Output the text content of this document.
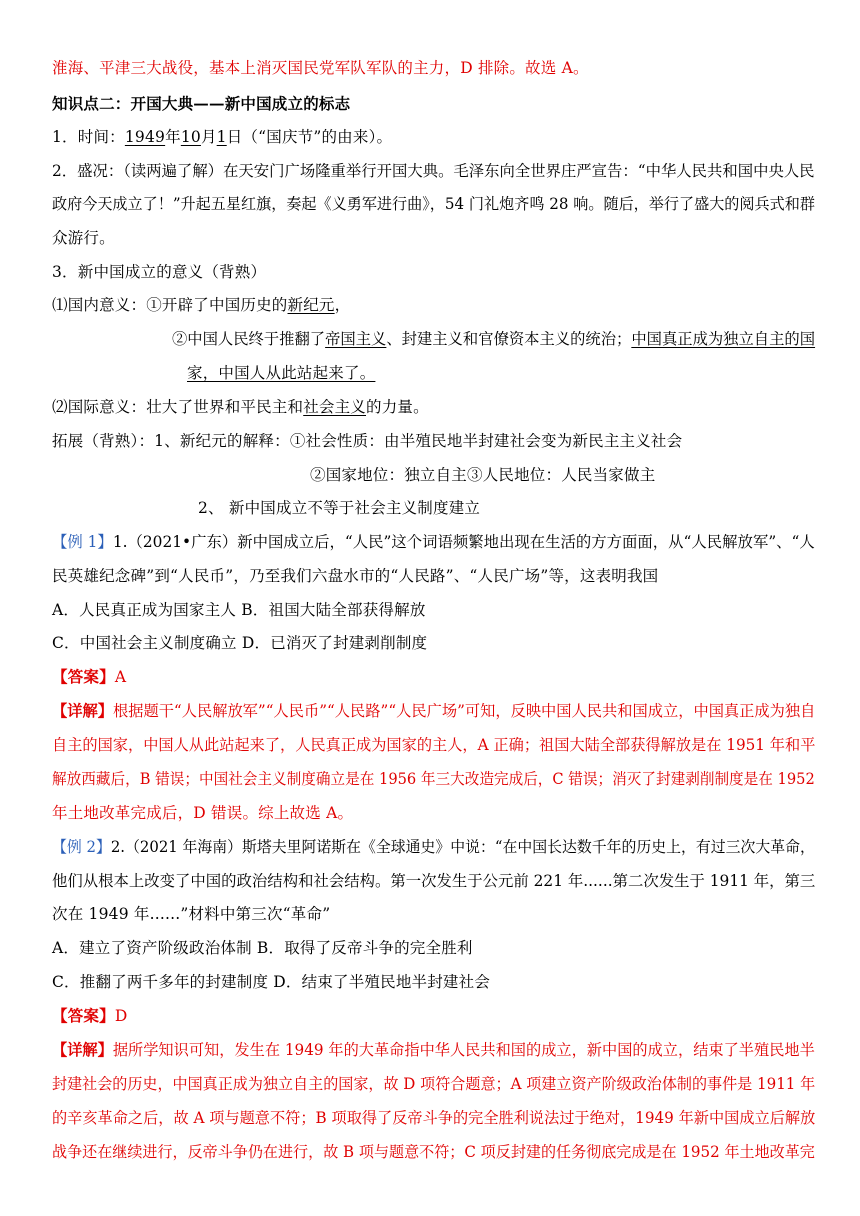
淮海、平津三大战役，基本上消灭国民党军队军队的主力，D 排除。故选 A。
知识点二：开国大典——新中国成立的标志
1．时间：1949年10月1日（“国庆节”的由来）。
2．盛况：（读两遍了解）在天安门广场隆重举行开国大典。毛泽东向全世界庄严宣告：“中华人民共和国中央人民
政府今天成立了！”升起五星红旗，奏起《义勇军进行曲》，54 门礼炮齐鸣 28 响。随后，举行了盛大的阅兵式和群
众游行。
3．新中国成立的意义（背熟）
⑴国内意义：①开辟了中国历史的新纪元，
②中国人民终于推翻了帝国主义、封建主义和官僚资本主义的统治；中国真正成为独立自主的国
家，中国人从此站起来了。
⑵国际意义：壮大了世界和平民主和社会主义的力量。
拓展（背熟）：1、新纪元的解释：①社会性质：由半殖民地半封建社会变为新民主主义社会
②国家地位：独立自主③人民地位：人民当家做主
2、 新中国成立不等于社会主义制度建立
【例 1】1.（2021•广东）新中国成立后，“人民”这个词语频繁地出现在生活的方方面面，从“人民解放军”、“人
民英雄纪念碑”到“人民币”，乃至我们六盘水市的“人民路”、“人民广场”等，这表明我国
A．人民真正成为国家主人 B．祖国大陆全部获得解放
C．中国社会主义制度确立 D．已消灭了封建剥削制度
【答案】A
【详解】根据题干“人民解放军”“人民币”“人民路”“人民广场”可知，反映中国人民共和国成立，中国真正成为独自
自主的国家，中国人从此站起来了，人民真正成为国家的主人，A 正确；祖国大陆全部获得解放是在 1951 年和平
解放西藏后，B 错误；中国社会主义制度确立是在 1956 年三大改造完成后，C 错误；消灭了封建剥削制度是在 1952
年土地改革完成后，D 错误。综上故选 A。
【例 2】2.（2021 年海南）斯塔夫里阿诺斯在《全球通史》中说：“在中国长达数千年的历史上，有过三次大革命，
他们从根本上改变了中国的政治结构和社会结构。第一次发生于公元前 221 年......第二次发生于 1911 年，第三
次在 1949 年......”材料中第三次“革命”
A．建立了资产阶级政治体制 B．取得了反帝斗争的完全胜利
C．推翻了两千多年的封建制度 D．结束了半殖民地半封建社会
【答案】D
【详解】据所学知识可知，发生在 1949 年的大革命指中华人民共和国的成立，新中国的成立，结束了半殖民地半
封建社会的历史，中国真正成为独立自主的国家，故 D 项符合题意；A 项建立资产阶级政治体制的事件是 1911 年
的辛亥革命之后，故 A 项与题意不符；B 项取得了反帝斗争的完全胜利说法过于绝对，1949 年新中国成立后解放
战争还在继续进行，反帝斗争仍在进行，故 B 项与题意不符；C 项反封建的任务彻底完成是在 1952 年土地改革完
